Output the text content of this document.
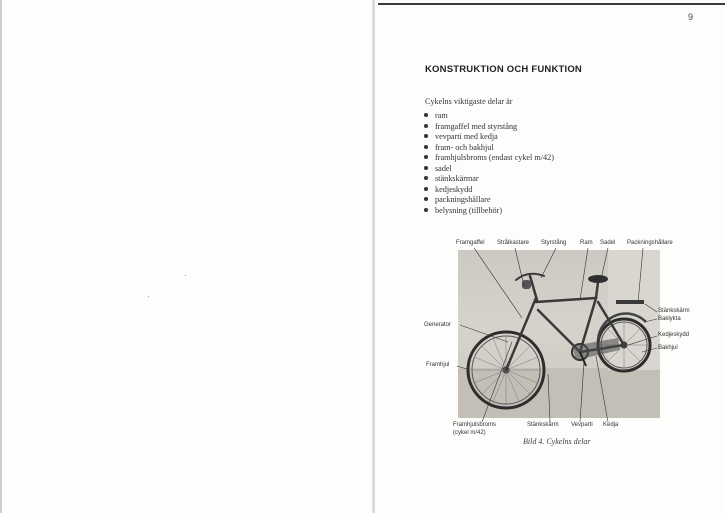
9
KONSTRUKTION OCH FUNKTION
Cykelns viktigaste delar är
ram
framgaffel med styrstång
vevparti med kedja
fram- och bakhjul
framhjulsbroms (endast cykel m/42)
sadel
stänkskärmar
kedjeskydd
packningshållare
belysning (tillbehör)
Framgaffel Strålkastare Styrstång Ram Sadel Packningshållare
Stänkskärm
Baklykta
Kedjeskydd
Bakhjul
Generator
Framhjul
Framhjulsbroms
(cykel m/42)
Stänkskärm Vevparti Kedja
Bild 4. Cykelns delar
